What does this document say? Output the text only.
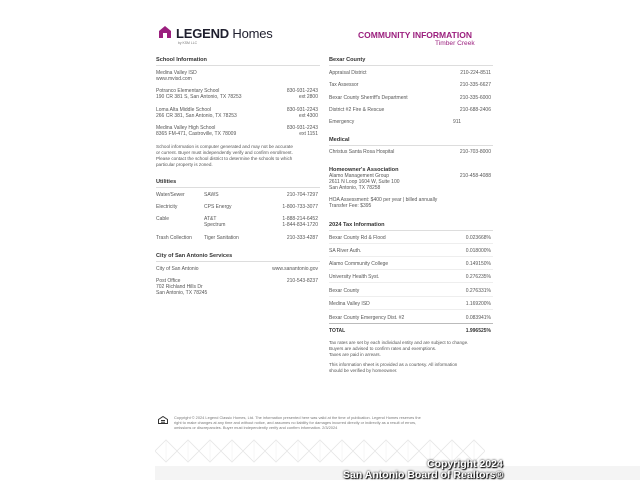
LEGEND Homes
by KSM LLC
COMMUNITY INFORMATION
Timber Creek
School Information
Medina Valley ISD
www.mvisd.com
Potranco Elementary School
190 CR 381 S, San Antonio, TX 78253
830-931-2243
ext 2800
Loma Alta Middle School
266 CR 381, San Antonio, TX 78253
830-931-2243
ext 4300
Medina Valley High School
8365 FM-471, Castroville, TX 78009
830-931-2243
ext 1151
School information is computer generated and may not be accurate
or current. Buyer must independently verify and confirm enrollment.
Please contact the school district to determine the schools to which
particular property is zoned.
Utilities
Water/Sewer	SAWS	210-704-7297
Electricity	CPS Energy	1-800-733-3077
Cable	AT&T	1-888-214-6452
Spectrum	1-844-834-1720
Trash Collection Tiger Sanitation	210-333-4287
City of San Antonio Services
City of San Antonio	www.sanantonio.gov
Post Office	210-543-8237
702 Richland Hills Dr
San Antonio, TX 78245
Bexar County
Appraisal District	210-224-8511
Tax Assessor	210-335-6627
Bexar County Sherriff's Department	210-335-6000
District #2 Fire & Rescue	210-688-2406
Emergency	911
Medical
Christus Santa Rosa Hospital	210-703-8000
Homeowner's Association
Alamo Management Group	210-458-4088
2611 N Loop 1604 W, Suite 100
San Antonio, TX 78258
HOA Assessment: $400 per year | billed annually
Transfer Fee: $395
2024 Tax Information
Bexar County Rd & Flood	0.023668%
SA River Auth.	0.018000%
Alamo Community College	0.149150%
University Health Syst.	0.276235%
Bexar County	0.276331%
Medina Valley ISD	1.169200%
Bexar County Emergency Dist. #2	0.083941%
TOTAL	1.996525%
Tax rates are set by each individual entity and are subject to change.
Buyers are advised to confirm rates and exemptions.
Taxes are paid in arrears.
This information sheet is provided as a courtesy. All information
should be verified by homeowner.
Copyright © 2024 Legend Classic Homes, Ltd. The information presented here was valid at the time of publication. Legend Homes reserves the
right to make changes at any time and without notice, and assumes no liability for damages incurred directly or indirectly as a result of errors,
omissions or discrepancies. Buyer must independently verify and confirm information. 2/3/2024
Copyright 2024
San Antonio Board of Realtors®
